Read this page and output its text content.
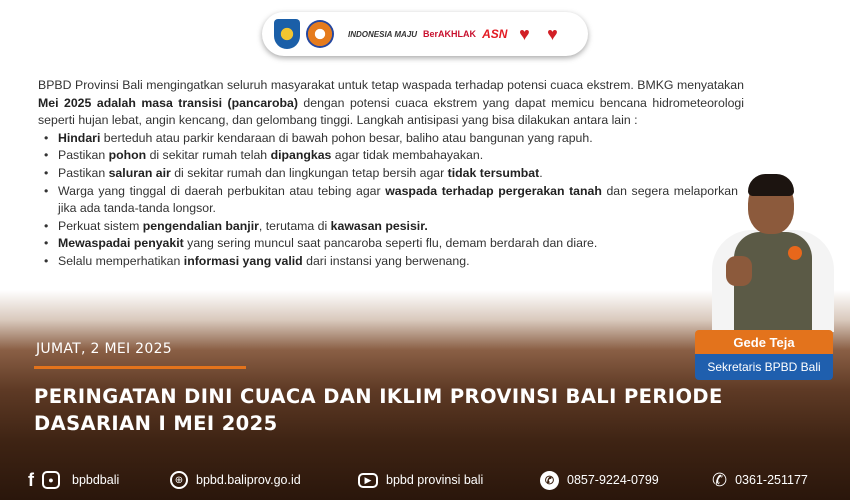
INDONESIA MAJU BerAKHLAK ASN ♥ ♥

BPBD Provinsi Bali mengingatkan seluruh masyarakat untuk tetap waspada terhadap potensi cuaca ekstrem. BMKG menyatakan Mei 2025 adalah masa transisi (pancaroba) dengan potensi cuaca ekstrem yang dapat memicu bencana hidrometeorologi seperti hujan lebat, angin kencang, dan gelombang tinggi. Langkah antisipasi yang bisa dilakukan antara lain :

• Hindari berteduh atau parkir kendaraan di bawah pohon besar, baliho atau bangunan yang rapuh.
• Pastikan pohon di sekitar rumah telah dipangkas agar tidak membahayakan.
• Pastikan saluran air di sekitar rumah dan lingkungan tetap bersih agar tidak tersumbat.
• Warga yang tinggal di daerah perbukitan atau tebing agar waspada terhadap pergerakan tanah dan segera melaporkan jika ada tanda-tanda longsor.
• Perkuat sistem pengendalian banjir, terutama di kawasan pesisir.
• Mewaspadai penyakit yang sering muncul saat pancaroba seperti flu, demam berdarah dan diare.
• Selalu memperhatikan informasi yang valid dari instansi yang berwenang.
Gede Teja
Sekretaris BPBD Bali
JUMAT, 2 MEI 2025
PERINGATAN DINI CUACA DAN IKLIM PROVINSI BALI PERIODE DASARIAN I MEI 2025
f	●	bpbdbali	⊕	bpbd.baliprov.go.id	▶	bpbd provinsi bali	✆	0857-9224-0799	✆ 0361-251177
